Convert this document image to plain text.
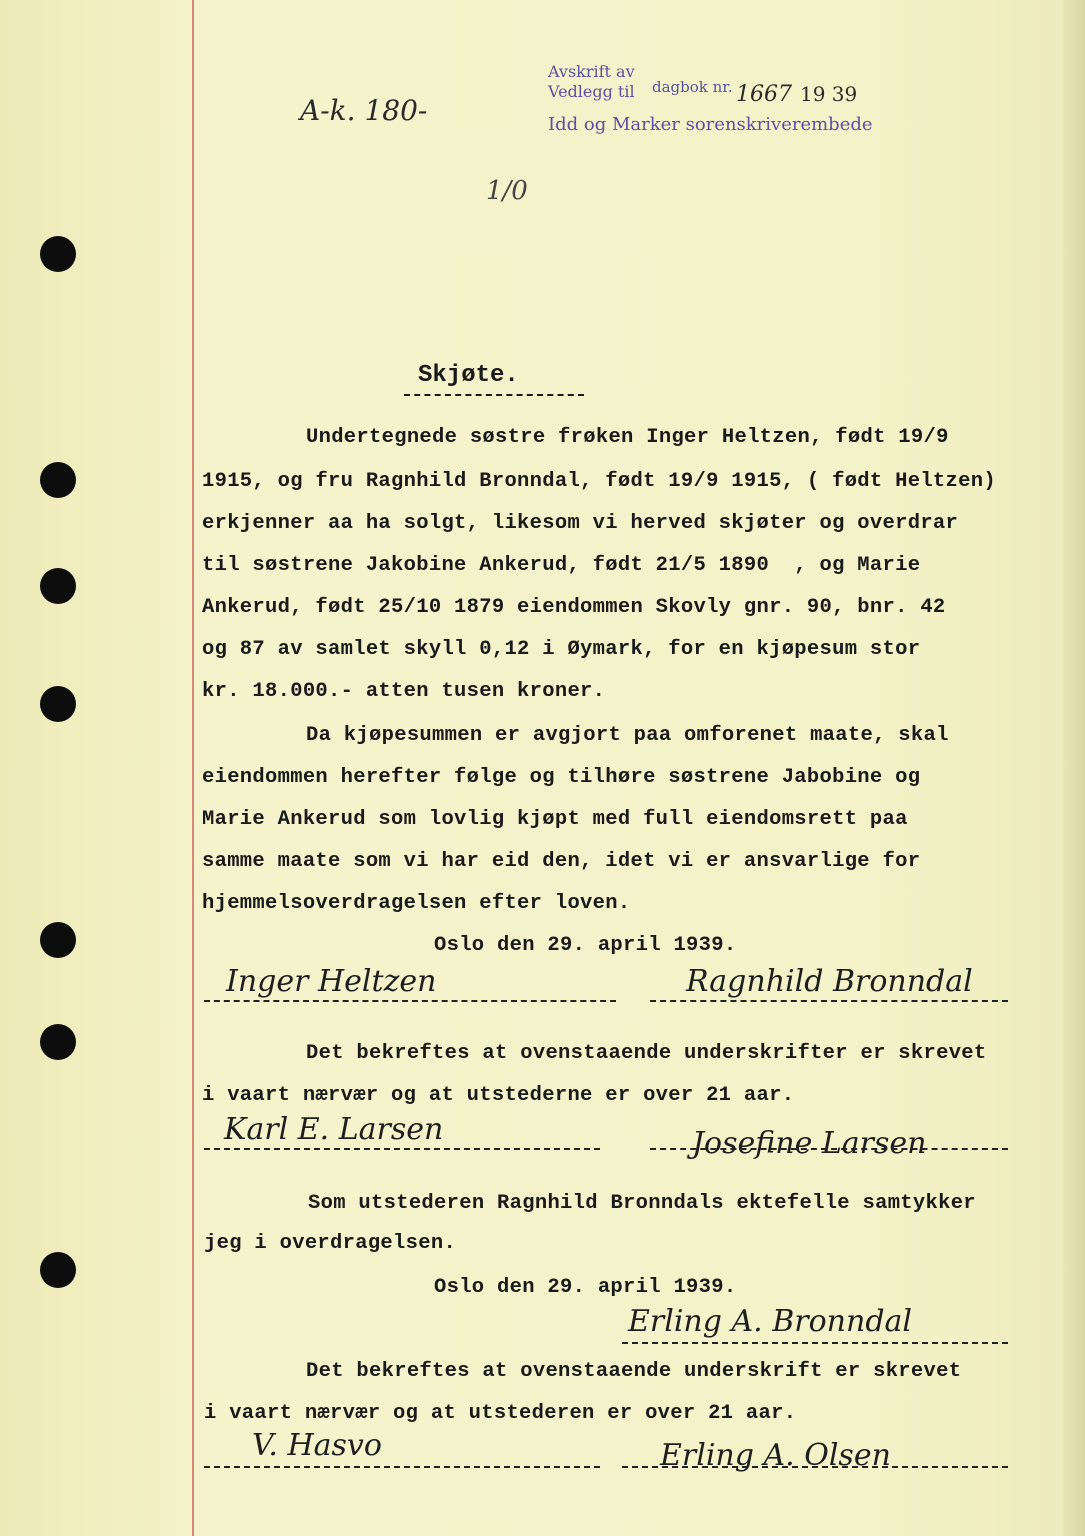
Avskrift av
Vedlegg til dagbok nr.
Idd og Marker sorenskriverembede
A-k. 180-	1667 19 39
1/0
Skjøte.
Undertegnede søstre frøken Inger Heltzen, født 19/9
1915, og fru Ragnhild Bronndal, født 19/9 1915, ( født Heltzen)
erkjenner aa ha solgt, likesom vi herved skjøter og overdrar
til søstrene Jakobine Ankerud, født 21/5 1890  , og Marie
Ankerud, født 25/10 1879 eiendommen Skovly gnr. 90, bnr. 42
og 87 av samlet skyll 0,12 i Øymark, for en kjøpesum stor
kr. 18.000.- atten tusen kroner.
Da kjøpesummen er avgjort paa omforenet maate, skal
eiendommen herefter følge og tilhøre søstrene Jabobine og
Marie Ankerud som lovlig kjøpt med full eiendomsrett paa
samme maate som vi har eid den, idet vi er ansvarlige for
hjemmelsoverdragelsen efter loven.
Oslo den 29. april 1939.
Inger Heltzen	Ragnhild Bronndal
Det bekreftes at ovenstaaende underskrifter er skrevet
i vaart nærvær og at utstederne er over 21 aar.
Karl E. Larsen	Josefine Larsen
Som utstederen Ragnhild Bronndals ektefelle samtykker
jeg i overdragelsen.
Oslo den 29. april 1939.
Erling A. Bronndal
Det bekreftes at ovenstaaende underskrift er skrevet
i vaart nærvær og at utstederen er over 21 aar.
V. Hasvo	Erling A. Olsen
